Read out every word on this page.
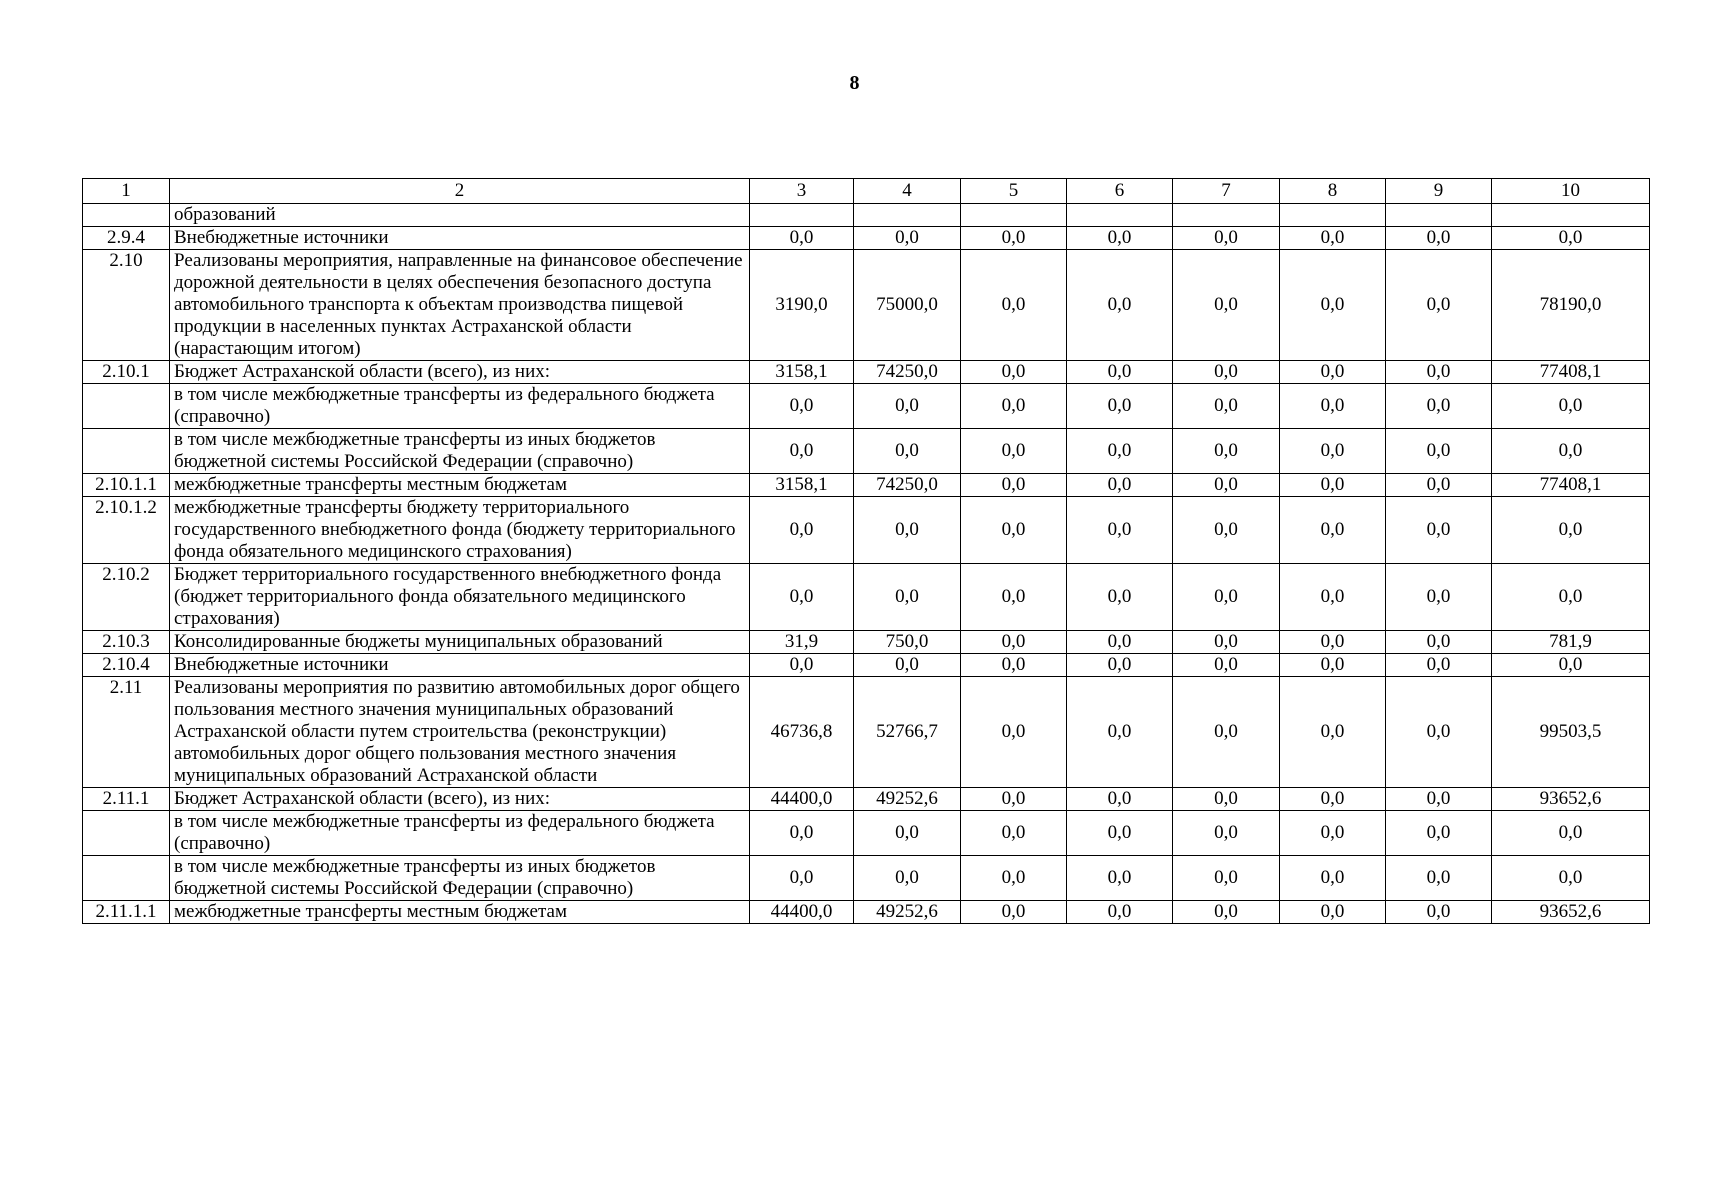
8
1	2	3	4	5	6	7	8	9	10
	образований								
2.9.4	Внебюджетные источники	0,0	0,0	0,0	0,0	0,0	0,0	0,0	0,0
2.10	Реализованы мероприятия, направленные на финансовое обеспечение дорожной деятельности в целях обеспечения безопасного доступа автомобильного транспорта к объектам производства пищевой продукции в населенных пунктах Астраханской области (нарастающим итогом)	3190,0	75000,0	0,0	0,0	0,0	0,0	0,0	78190,0
2.10.1	Бюджет Астраханской области (всего), из них:	3158,1	74250,0	0,0	0,0	0,0	0,0	0,0	77408,1
	в том числе межбюджетные трансферты из федерального бюджета (справочно)	0,0	0,0	0,0	0,0	0,0	0,0	0,0	0,0
	в том числе межбюджетные трансферты из иных бюджетов бюджетной системы Российской Федерации (справочно)	0,0	0,0	0,0	0,0	0,0	0,0	0,0	0,0
2.10.1.1	межбюджетные трансферты местным бюджетам	3158,1	74250,0	0,0	0,0	0,0	0,0	0,0	77408,1
2.10.1.2	межбюджетные трансферты бюджету территориального государственного внебюджетного фонда (бюджету территориального фонда обязательного медицинского страхования)	0,0	0,0	0,0	0,0	0,0	0,0	0,0	0,0
2.10.2	Бюджет территориального государственного внебюджетного фонда (бюджет территориального фонда обязательного медицинского страхования)	0,0	0,0	0,0	0,0	0,0	0,0	0,0	0,0
2.10.3	Консолидированные бюджеты муниципальных образований	31,9	750,0	0,0	0,0	0,0	0,0	0,0	781,9
2.10.4	Внебюджетные источники	0,0	0,0	0,0	0,0	0,0	0,0	0,0	0,0
2.11	Реализованы мероприятия по развитию автомобильных дорог общего пользования местного значения муниципальных образований Астраханской области путем строительства (реконструкции) автомобильных дорог общего пользования местного значения муниципальных образований Астраханской области	46736,8	52766,7	0,0	0,0	0,0	0,0	0,0	99503,5
2.11.1	Бюджет Астраханской области (всего), из них:	44400,0	49252,6	0,0	0,0	0,0	0,0	0,0	93652,6
	в том числе межбюджетные трансферты из федерального бюджета (справочно)	0,0	0,0	0,0	0,0	0,0	0,0	0,0	0,0
	в том числе межбюджетные трансферты из иных бюджетов бюджетной системы Российской Федерации (справочно)	0,0	0,0	0,0	0,0	0,0	0,0	0,0	0,0
2.11.1.1	межбюджетные трансферты местным бюджетам	44400,0	49252,6	0,0	0,0	0,0	0,0	0,0	93652,6
